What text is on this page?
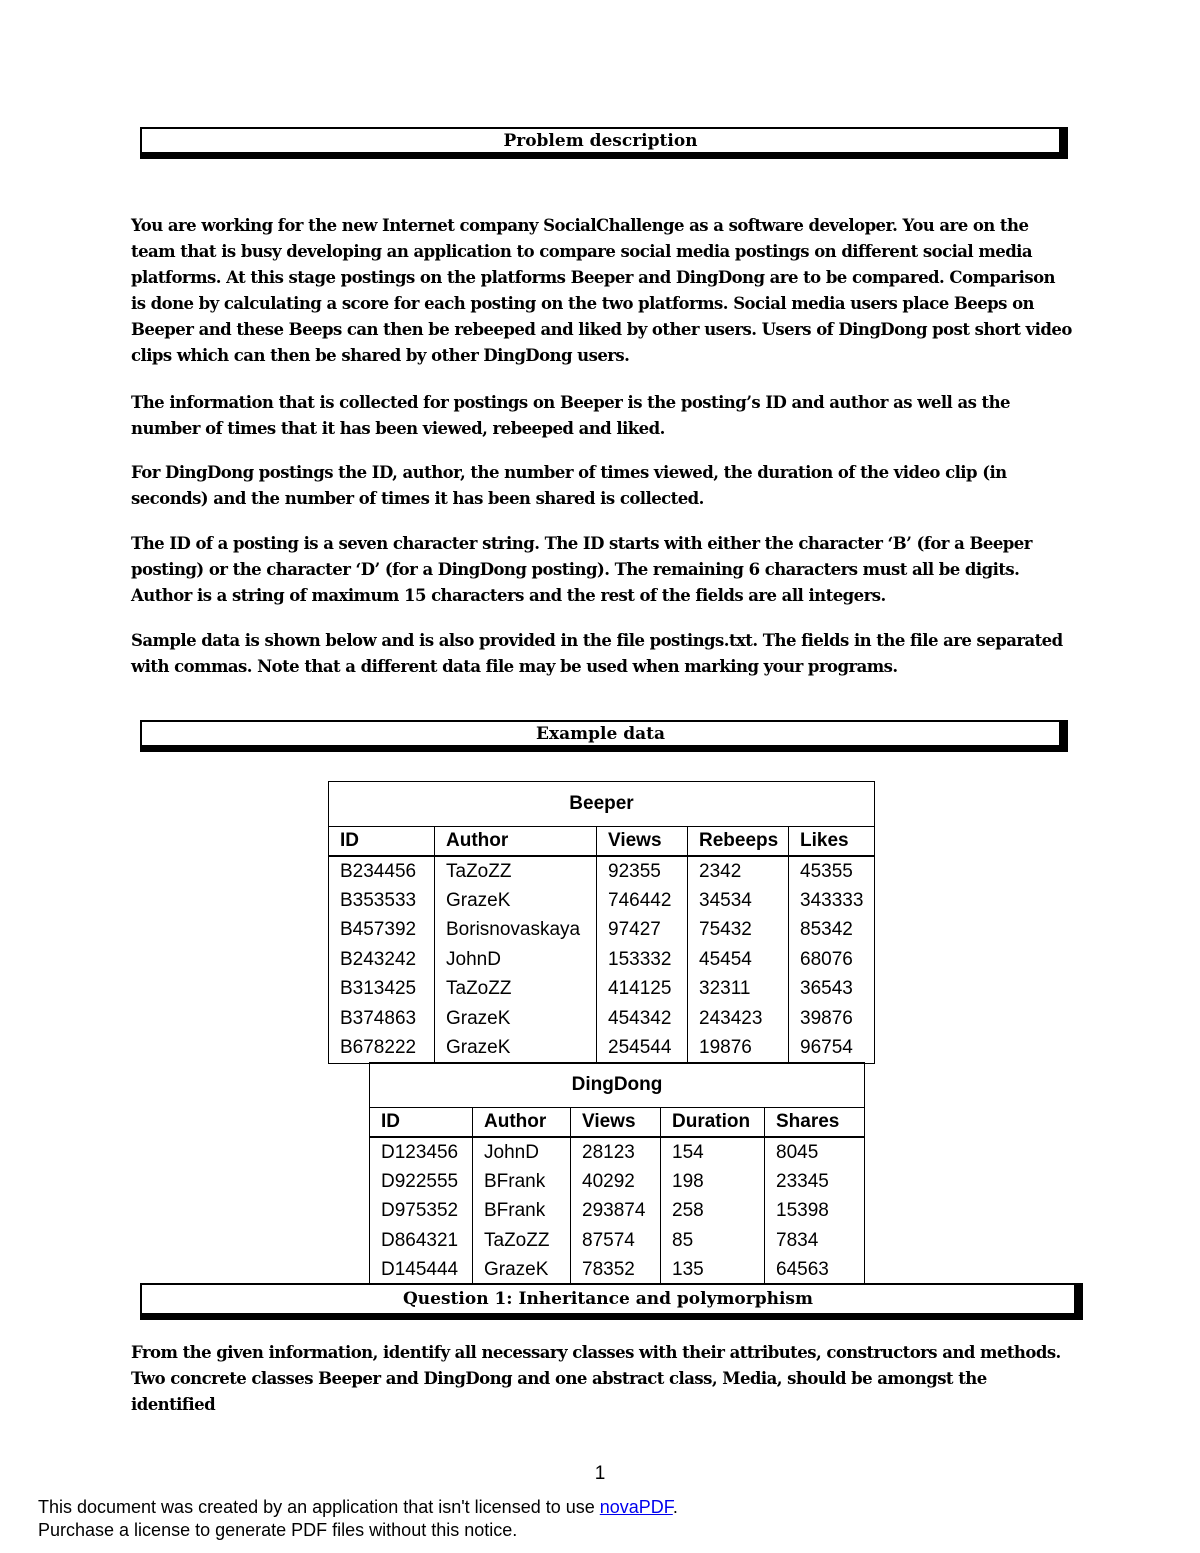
Problem description

You are working for the new Internet company SocialChallenge as a software developer. You are on the team that is busy developing an application to compare social media postings on different social media platforms. At this stage postings on the platforms Beeper and DingDong are to be compared. Comparison is done by calculating a score for each posting on the two platforms. Social media users place Beeps on Beeper and these Beeps can then be rebeeped and liked by other users. Users of DingDong post short video clips which can then be shared by other DingDong users.

The information that is collected for postings on Beeper is the posting’s ID and author as well as the number of times that it has been viewed, rebeeped and liked.

For DingDong postings the ID, author, the number of times viewed, the duration of the video clip (in seconds) and the number of times it has been shared is collected.

The ID of a posting is a seven character string. The ID starts with either the character ‘B’ (for a Beeper posting) or the character ‘D’ (for a DingDong posting). The remaining 6 characters must all be digits. Author is a string of maximum 15 characters and the rest of the fields are all integers.

Sample data is shown below and is also provided in the file postings.txt. The fields in the file are separated with commas. Note that a different data file may be used when marking your programs.

Example data
Beeper				
ID	Author	Views	Rebeeps	Likes
B234456	TaZoZZ	92355	2342	45355
B353533	GrazeK	746442	34534	343333
B457392	Borisnovaskaya	97427	75432	85342
B243242	JohnD	153332	45454	68076
B313425	TaZoZZ	414125	32311	36543
B374863	GrazeK	454342	243423	39876
B678222	GrazeK	254544	19876	96754
DingDong				
ID	Author	Views	Duration	Shares
D123456	JohnD	28123	154	8045
D922555	BFrank	40292	198	23345
D975352	BFrank	293874	258	15398
D864321	TaZoZZ	87574	85	7834
D145444	GrazeK	78352	135	64563
Question 1: Inheritance and polymorphism

From the given information, identify all necessary classes with their attributes, constructors and methods. Two concrete classes Beeper and DingDong and one abstract class, Media, should be amongst the identified

1
This document was created by an application that isn't licensed to use novaPDF.
Purchase a license to generate PDF files without this notice.
